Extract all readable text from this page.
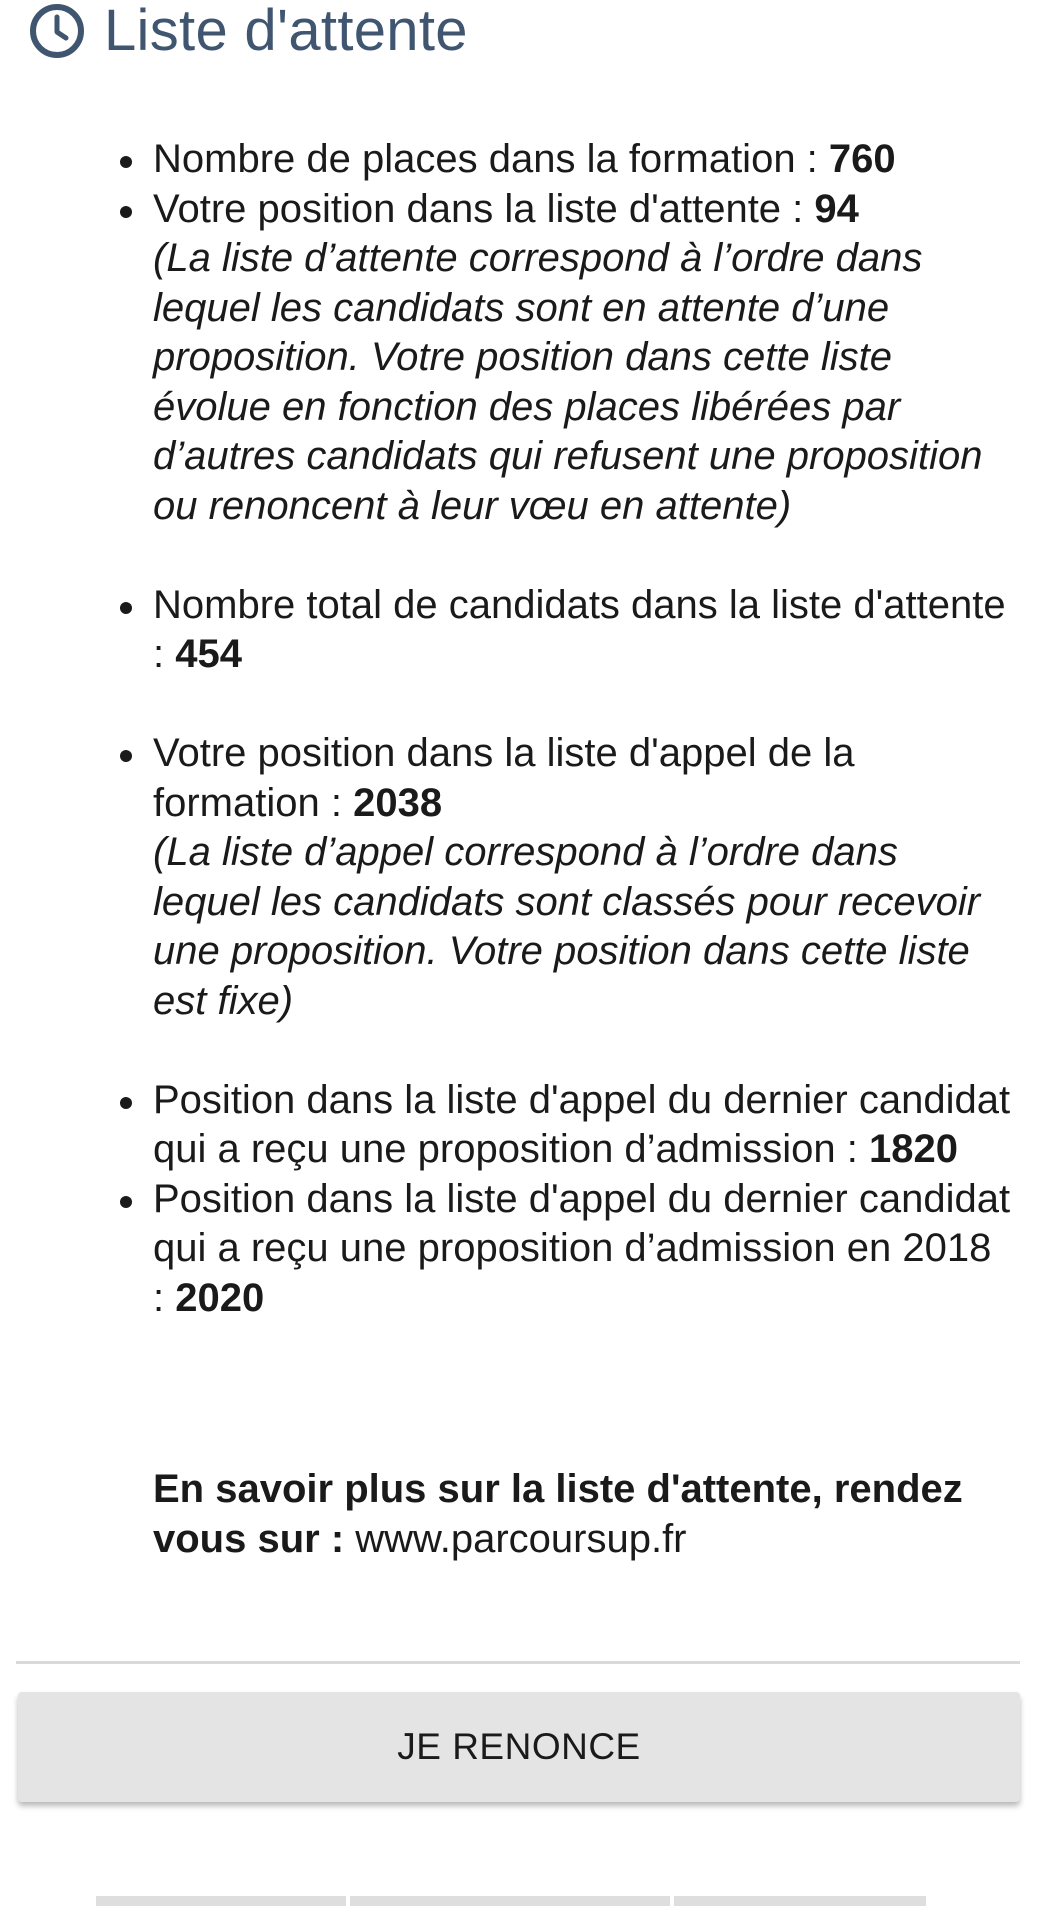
Liste d'attente
Nombre de places dans la formation : 760
Votre position dans la liste d'attente : 94
(La liste d’attente correspond à l’ordre dans lequel les candidats sont en attente d’une proposition. Votre position dans cette liste évolue en fonction des places libérées par d’autres candidats qui refusent une proposition ou renoncent à leur vœu en attente)
Nombre total de candidats dans la liste d'attente : 454
Votre position dans la liste d'appel de la formation : 2038
(La liste d’appel correspond à l’ordre dans lequel les candidats sont classés pour recevoir une proposition. Votre position dans cette liste est fixe)
Position dans la liste d'appel du dernier candidat qui a reçu une proposition d’admission : 1820
Position dans la liste d'appel du dernier candidat qui a reçu une proposition d’admission en 2018 : 2020
En savoir plus sur la liste d'attente, rendez vous sur : www.parcoursup.fr
JE RENONCE
